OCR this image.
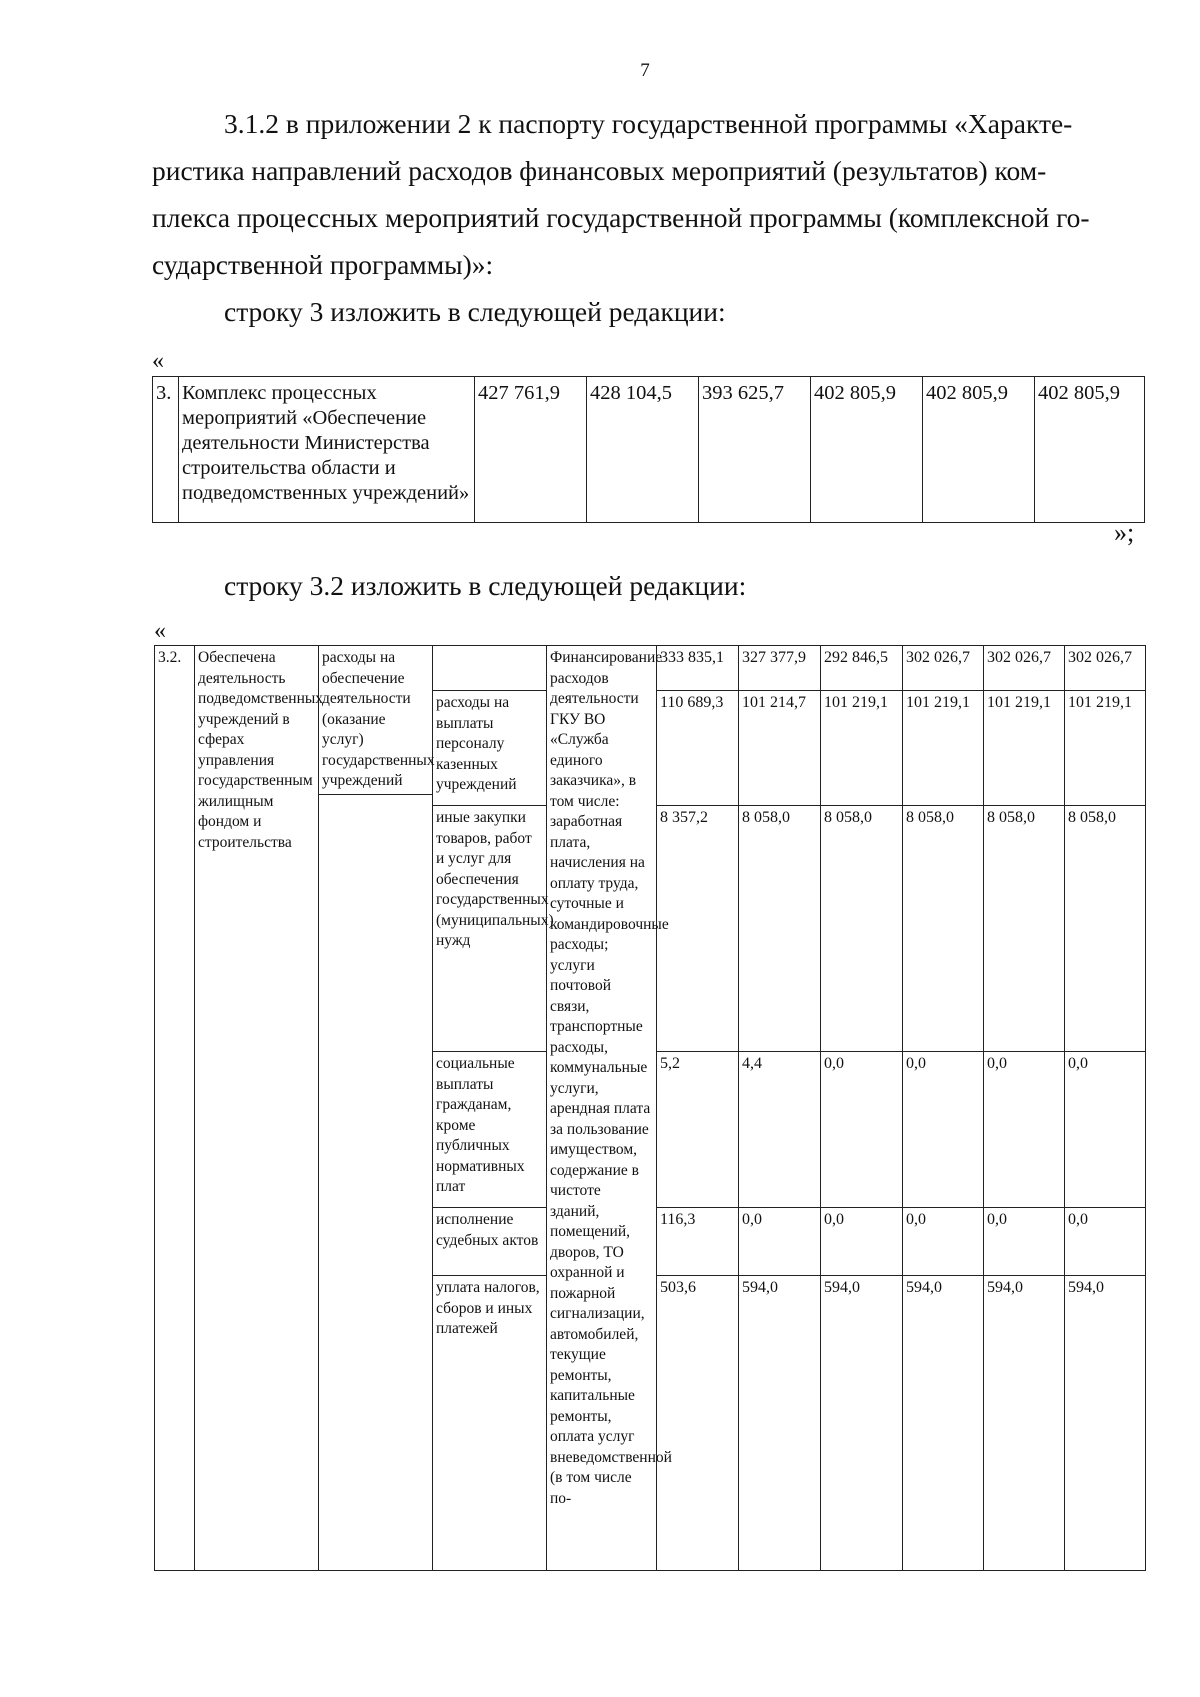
7
3.1.2 в приложении 2 к паспорту государственной программы «Характе-
ристика направлений расходов финансовых мероприятий (результатов) ком-
плекса процессных мероприятий государственной программы (комплексной го-
сударственной программы)»:
строку 3 изложить в следующей редакции:
«
3.	Комплекс процессных мероприятий «Обеспечение деятельности Министерства строительства области и подведомственных учреждений»	427 761,9	428 104,5	393 625,7	402 805,9	402 805,9	402 805,9
»;
строку 3.2 изложить в следующей редакции:
«
3.2.	Обеспечена деятельность подведомственных учреждений в сферах управления государственным жилищным фондом и строительства	расходы на обеспечение деятельности (оказание услуг) государственных учреждений		Финансирование расходов деятельности ГКУ ВО «Служба единого заказчика», в том числе: заработная плата, начисления на оплату труда, суточные и командировочные расходы; услуги почтовой связи, транспортные расходы, коммунальные услуги, арендная плата за пользование имуществом, содержание в чистоте зданий, помещений, дворов, ТО охранной и пожарной сигнализации, автомобилей, текущие ремонты, капитальные ремонты, оплата услуг вневедомственной (в том числе по-	333 835,1	327 377,9	292 846,5	302 026,7	302 026,7	302 026,7
			расходы на выплаты персоналу казенных учреждений		110 689,3	101 214,7	101 219,1	101 219,1	101 219,1	101 219,1

			иные закупки товаров, работ и услуг для обеспечения государственных (муниципальных) нужд		8 357,2	8 058,0	8 058,0	8 058,0	8 058,0	8 058,0
			социальные выплаты гражданам, кроме публичных нормативных плат		5,2	4,4	0,0	0,0	0,0	0,0
			исполнение судебных актов		116,3	0,0	0,0	0,0	0,0	0,0
			уплата налогов, сборов и иных платежей		503,6	594,0	594,0	594,0	594,0	594,0
